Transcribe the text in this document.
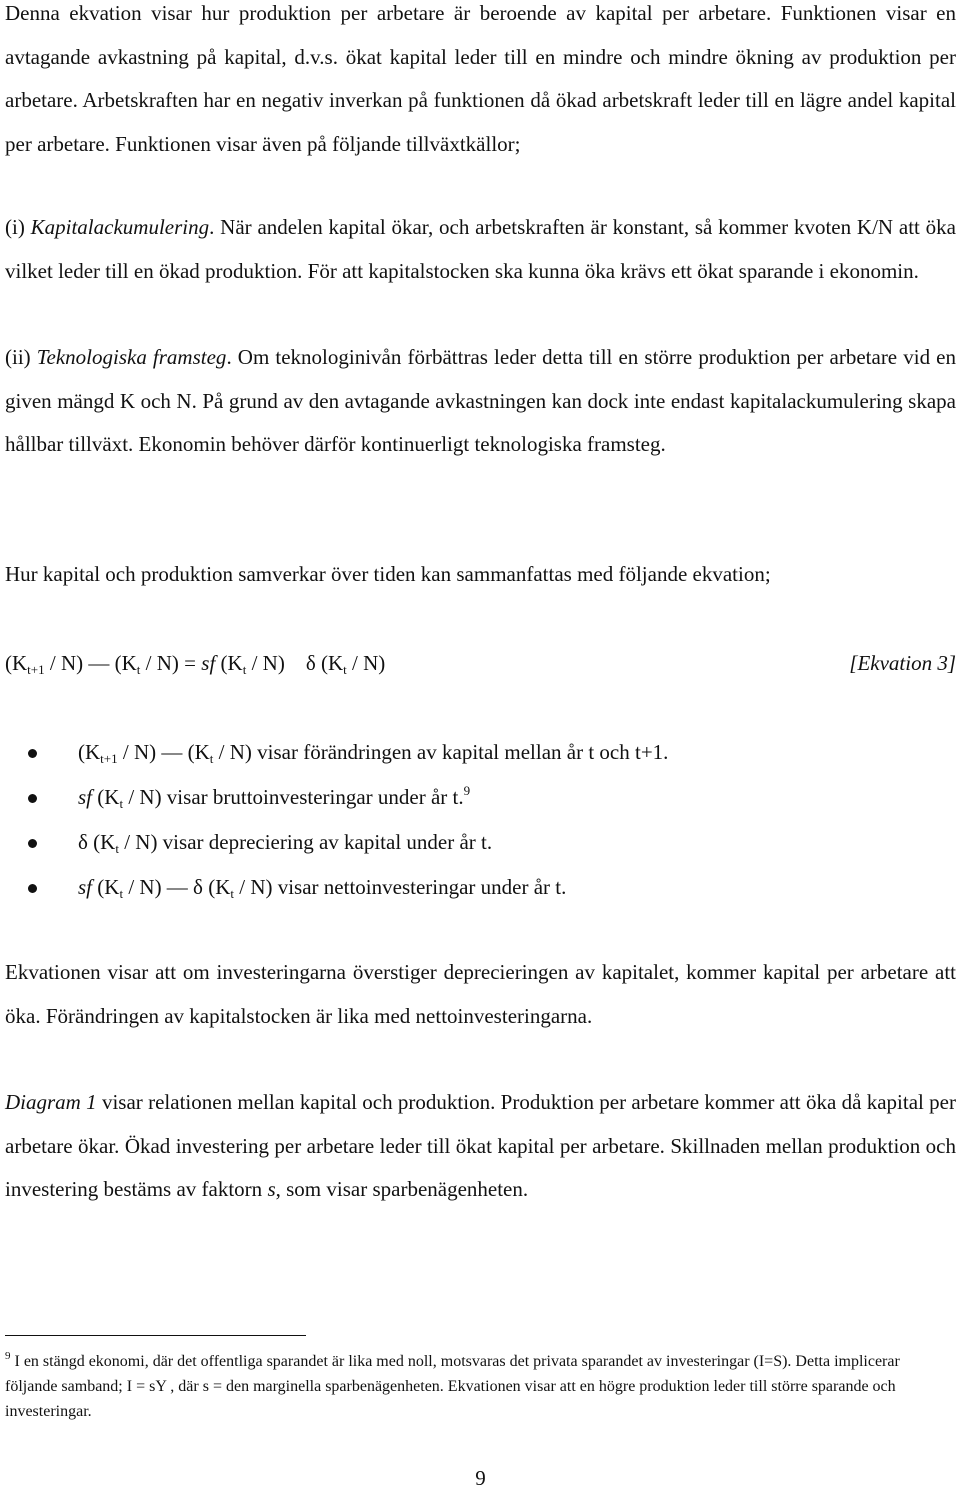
Denna ekvation visar hur produktion per arbetare är beroende av kapital per arbetare. Funktionen visar en avtagande avkastning på kapital, d.v.s. ökat kapital leder till en mindre och mindre ökning av produktion per arbetare. Arbetskraften har en negativ inverkan på funktionen då ökad arbetskraft leder till en lägre andel kapital per arbetare. Funktionen visar även på följande tillväxtkällor;

(i) Kapitalackumulering. När andelen kapital ökar, och arbetskraften är konstant, så kommer kvoten K/N att öka vilket leder till en ökad produktion. För att kapitalstocken ska kunna öka krävs ett ökat sparande i ekonomin.

(ii) Teknologiska framsteg. Om teknologinivån förbättras leder detta till en större produktion per arbetare vid en given mängd K och N. På grund av den avtagande avkastningen kan dock inte endast kapitalackumulering skapa hållbar tillväxt. Ekonomin behöver därför kontinuerligt teknologiska framsteg.

Hur kapital och produktion samverkar över tiden kan sammanfattas med följande ekvation;

$(K_{t+1} / N)$ — $(K_t / N)$ = sf $(K_t / N)$    δ $(K_t / N)$	[Ekvation 3]
$(K_{t+1} / N)$ — $(K_t / N)$ visar förändringen av kapital mellan år t och t+1.
sf $(K_t / N)$ visar bruttoinvesteringar under år t.$^9$
δ $(K_t / N)$ visar depreciering av kapital under år t.
sf $(K_t / N)$ — δ $(K_t / N)$ visar nettoinvesteringar under år t.

Ekvationen visar att om investeringarna överstiger deprecieringen av kapitalet, kommer kapital per arbetare att öka. Förändringen av kapitalstocken är lika med nettoinvesteringarna.

Diagram 1 visar relationen mellan kapital och produktion. Produktion per arbetare kommer att öka då kapital per arbetare ökar. Ökad investering per arbetare leder till ökat kapital per arbetare. Skillnaden mellan produktion och investering bestäms av faktorn s, som visar sparbenägenheten.

$^9$ I en stängd ekonomi, där det offentliga sparandet är lika med noll, motsvaras det privata sparandet av investeringar (I=S). Detta implicerar följande samband; I = sY , där s = den marginella sparbenägenheten. Ekvationen visar att en högre produktion leder till större sparande och investeringar.
9
